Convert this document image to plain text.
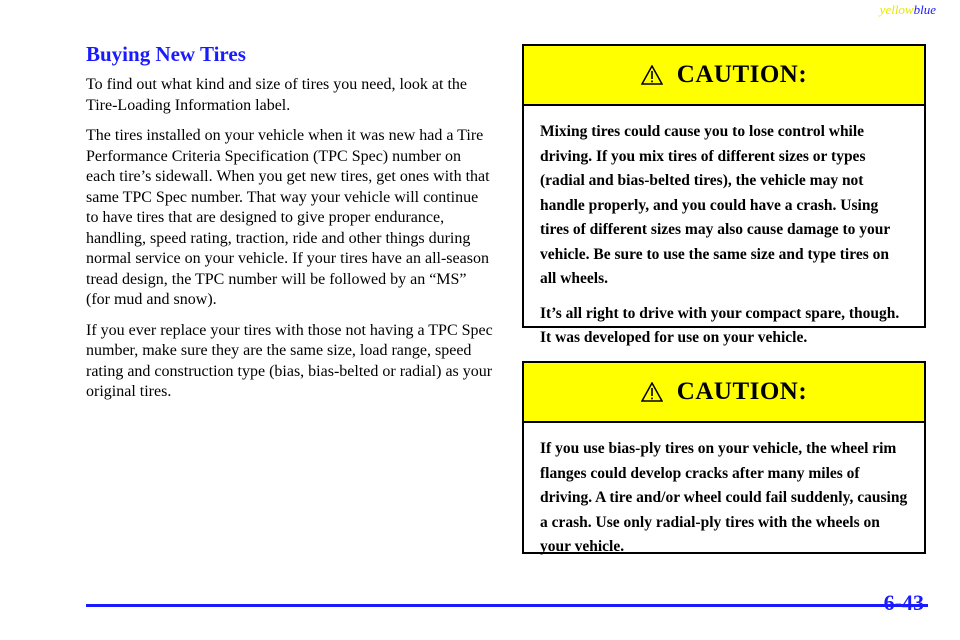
yellowblue
Buying New Tires

To find out what kind and size of tires you need, look at the Tire‑Loading Information label.

The tires installed on your vehicle when it was new had a Tire Performance Criteria Specification (TPC Spec) number on each tire’s sidewall. When you get new tires, get ones with that same TPC Spec number. That way your vehicle will continue to have tires that are designed to give proper endurance, handling, speed rating, traction, ride and other things during normal service on your vehicle. If your tires have an all‑season tread design, the TPC number will be followed by an “MS” (for mud and snow).

If you ever replace your tires with those not having a TPC Spec number, make sure they are the same size, load range, speed rating and construction type (bias, bias‑belted or radial) as your original tires.

CAUTION:

Mixing tires could cause you to lose control while driving. If you mix tires of different sizes or types (radial and bias‑belted tires), the vehicle may not handle properly, and you could have a crash. Using tires of different sizes may also cause damage to your vehicle. Be sure to use the same size and type tires on all wheels.

It’s all right to drive with your compact spare, though. It was developed for use on your vehicle.

CAUTION:

If you use bias‑ply tires on your vehicle, the wheel rim flanges could develop cracks after many miles of driving. A tire and/or wheel could fail suddenly, causing a crash. Use only radial‑ply tires with the wheels on your vehicle.

6-43
